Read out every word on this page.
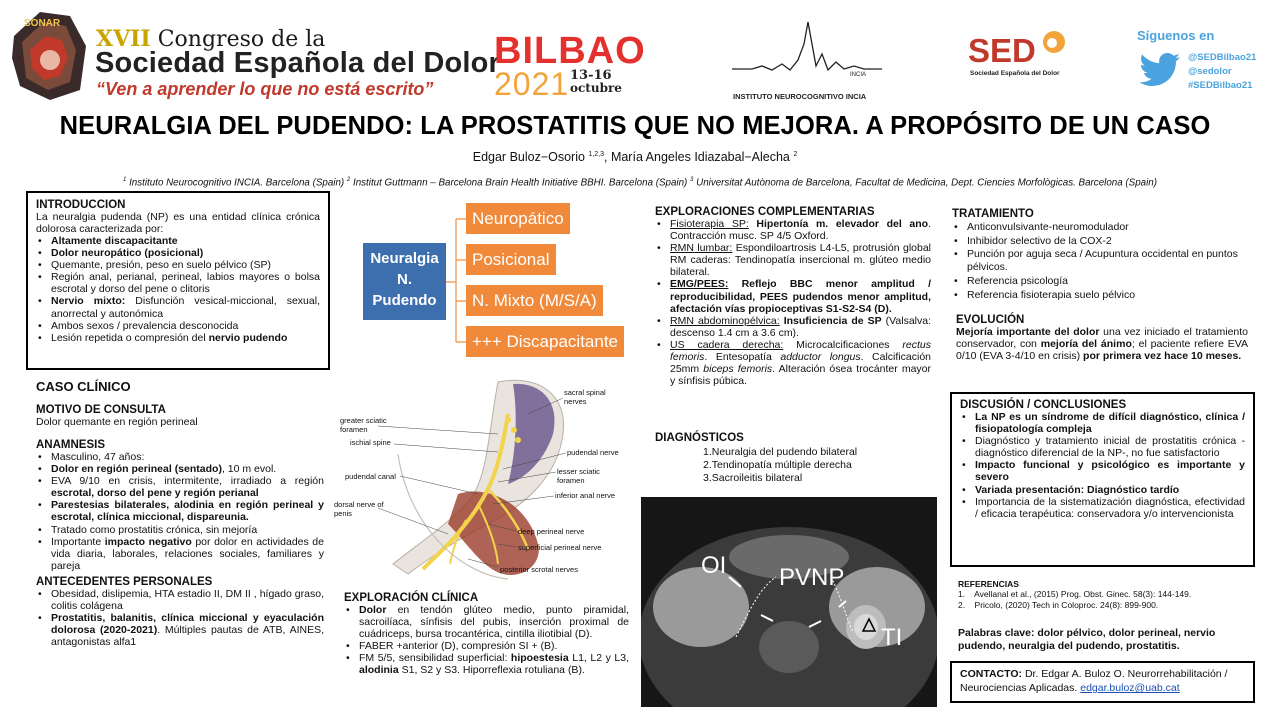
SONAR
XVII Congreso de la
Sociedad Española del Dolor
“Ven a aprender lo que no está escrito”
BILBAO
2021 13-16
octubre
INCIA
INSTITUTO NEUROCOGNITIVO INCIA
SED
Sociedad Española del Dolor
Síguenos en
@SEDBilbao21
@sedolor
#SEDBilbao21
NEURALGIA DEL PUDENDO: LA PROSTATITIS QUE NO MEJORA. A PROPÓSITO DE UN CASO
Edgar Buloz−Osorio $^{1,2,3}$, María Angeles Idiazabal−Alecha $^2$
$^1$ Instituto Neurocognitivo INCIA. Barcelona (Spain) $^2$ Institut Guttmann – Barcelona Brain Health Initiative BBHI. Barcelona (Spain) $^3$ Universitat Autònoma de Barcelona, Facultat de Medicina, Dept. Ciencies Morfològicas. Barcelona (Spain)
INTRODUCCION
La neuralgia pudenda (NP) es una entidad clínica crónica dolorosa caracterizada por:
• Altamente discapacitante
• Dolor neuropático (posicional)
• Quemante, presión, peso en suelo pélvico (SP)
• Región anal, perianal, perineal, labios mayores o bolsa escrotal y dorso del pene o clitoris
• Nervio mixto: Disfunción vesical-miccional, sexual, anorrectal y autonómica
• Ambos sexos / prevalencia desconocida
• Lesión repetida o compresión del nervio pudendo
CASO CLÍNICO
MOTIVO DE CONSULTA
Dolor quemante en región perineal
ANAMNESIS
• Masculino, 47 años:
• Dolor en región perineal (sentado), 10 m evol.
• EVA 9/10 en crisis, intermitente, irradiado a región escrotal, dorso del pene y región perianal
• Parestesias bilaterales, alodinia en región perineal y escrotal, clínica miccional, dispareunia.
• Tratado como prostatitis crónica, sin mejoría
• Importante impacto negativo por dolor en actividades de vida diaria, laborales, relaciones sociales, familiares y pareja
ANTECEDENTES PERSONALES
• Obesidad, dislipemia, HTA estadio II, DM II , hígado graso, colitis colágena
• Prostatitis, balanitis, clínica miccional y eyaculación dolorosa (2020-2021). Múltiples pautas de ATB, AINES, antagonistas alfa1
Neuralgia N. Pudendo
Neuropático
Posicional
N. Mixto (M/S/A)
+++ Discapacitante
sacral spinal nerves
greater sciatic foramen
ischial spine
pudendal nerve
lesser sciatic foramen
pudendal canal
inferior anal nerve
dorsal nerve of penis
deep perineal nerve
superficial perineal nerve
posterior scrotal nerves
EXPLORACIÓN CLÍNICA
• Dolor en tendón glúteo medio, punto piramidal, sacroilíaca, sínfisis del pubis, inserción proximal de cuádriceps, bursa trocantérica, cintilla iliotibial (D).
• FABER +anterior (D), compresión SI + (B).
• FM 5/5, sensibilidad superficial: hipoestesia L1, L2 y L3, alodinia S1, S2 y S3. Hiporreflexia rotuliana (B).
EXPLORACIONES COMPLEMENTARIAS
• Fisioterapia SP: Hipertonía m. elevador del ano. Contracción musc. SP 4/5 Oxford.
• RMN lumbar: Espondiloartrosis L4-L5, protrusión global RM caderas: Tendinopatía insercional m. glúteo medio bilateral.
• EMG/PEES: Reflejo BBC menor amplitud / reproducibilidad, PEES pudendos menor amplitud, afectación vías propioceptivas S1-S2-S4 (D).
• RMN abdominopélvica: Insuficiencia de SP (Valsalva: descenso 1.4 cm a 3.6 cm).
• US cadera derecha: Microcalcificaciones rectus femoris. Entesopatía adductor longus. Calcificación 25mm biceps femoris. Alteración ósea trocánter mayor y sínfisis púbica.
DIAGNÓSTICOS
1.Neuralgia del pudendo bilateral
2.Tendinopatía múltiple derecha
3.Sacroileitis bilateral
OI PVNP
TI
TRATAMIENTO
• Anticonvulsivante-neuromodulador
• Inhibidor selectivo de la COX-2
• Punción por aguja seca / Acupuntura occidental en puntos pélvicos.
• Referencia psicología
• Referencia fisioterapia suelo pélvico
EVOLUCIÓN
Mejoría importante del dolor una vez iniciado el tratamiento conservador, con mejoría del ánimo; el paciente refiere EVA 0/10 (EVA 3-4/10 en crisis) por primera vez hace 10 meses.
DISCUSIÓN / CONCLUSIONES
• La NP es un síndrome de difícil diagnóstico, clínica / fisiopatología compleja
• Diagnóstico y tratamiento inicial de prostatitis crónica -diagnóstico diferencial de la NP-, no fue satisfactorio
• Impacto funcional y psicológico es importante y severo
• Variada presentación: Diagnóstico tardío
• Importancia de la sistematización diagnóstica, efectividad / eficacia terapéutica: conservadora y/o intervencionista
REFERENCIAS
1.    Avellanal et al., (2015) Prog. Obst. Ginec. 58(3): 144-149.
2.    Pricolo, (2020) Tech in Coloproc. 24(8): 899-900.
Palabras clave: dolor pélvico, dolor perineal, nervio pudendo, neuralgia del pudendo, prostatitis.
CONTACTO: Dr. Edgar A. Buloz O. Neurorrehabilitación / Neurociencias Aplicadas. edgar.buloz@uab.cat
